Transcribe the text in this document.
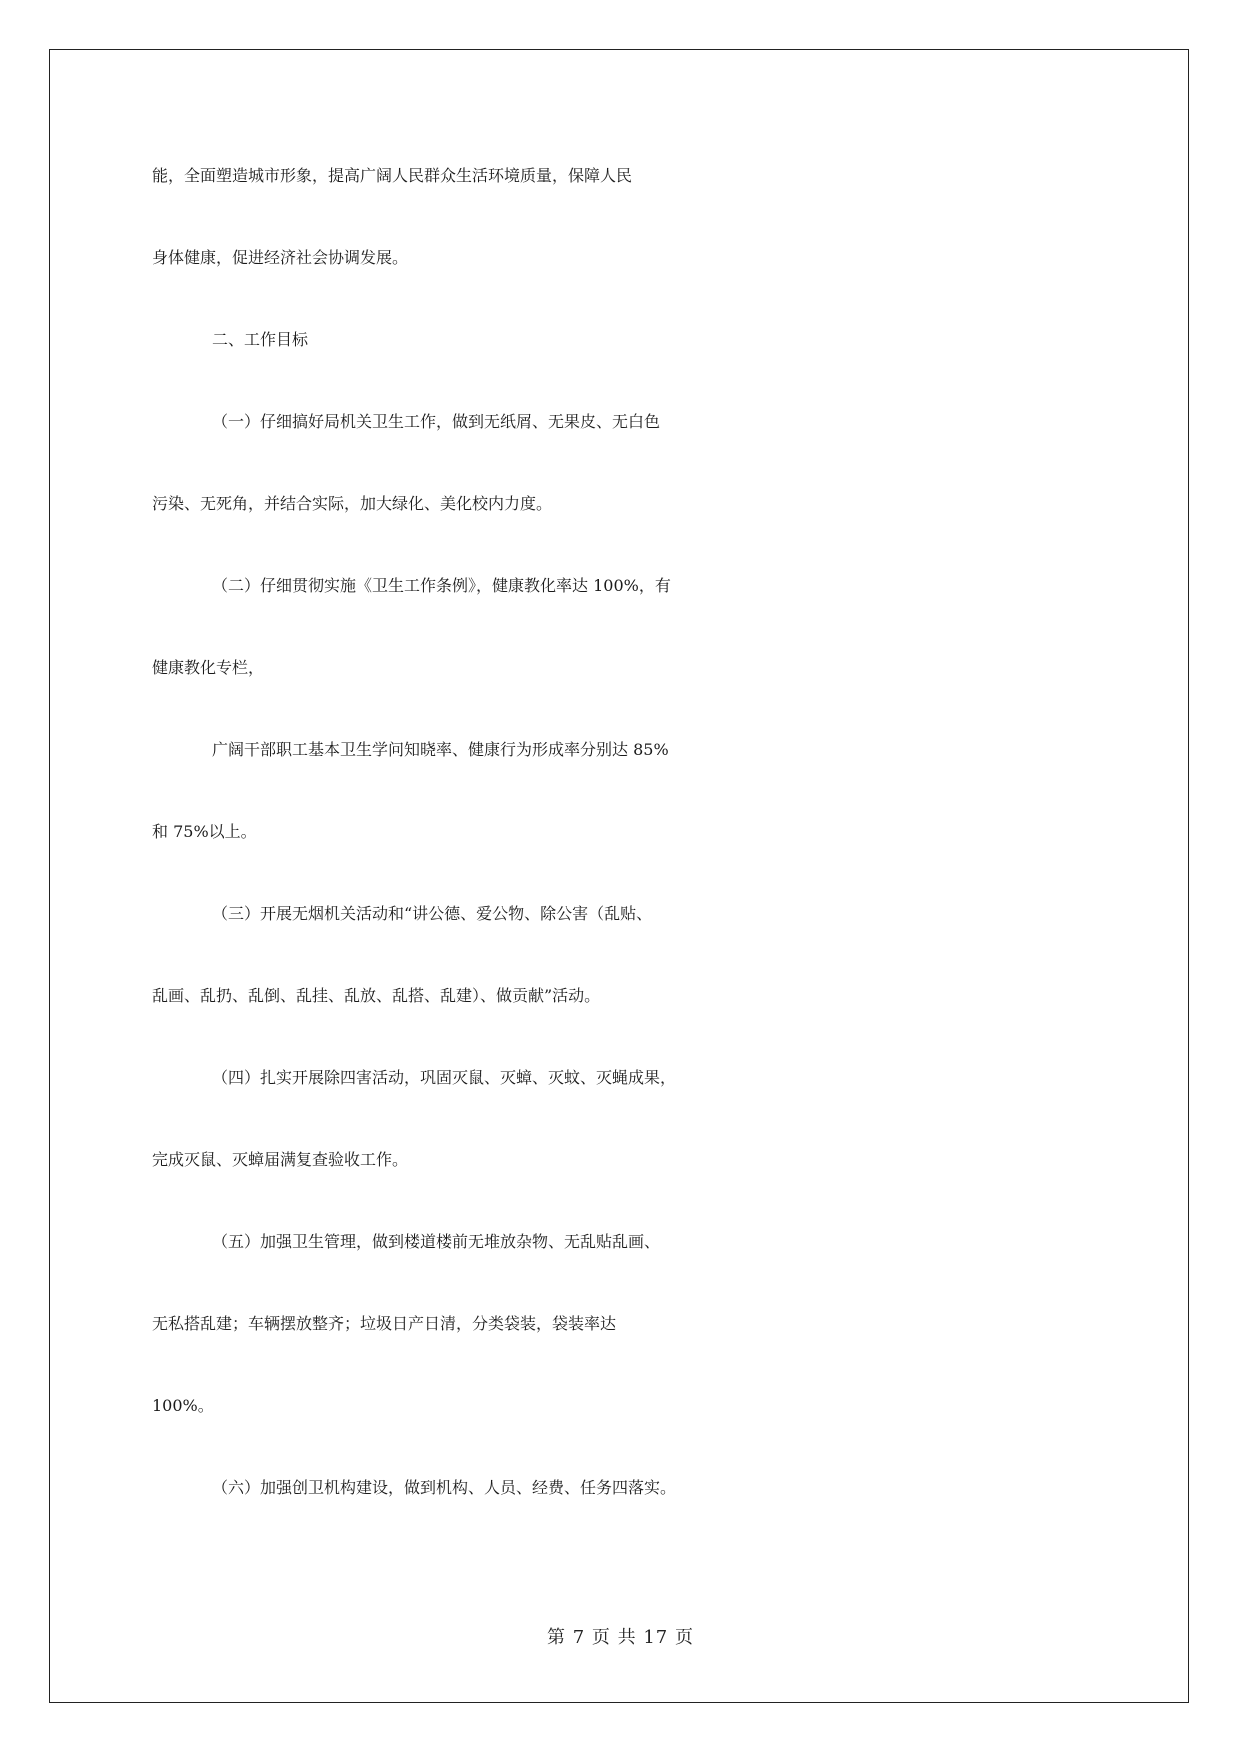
能，全面塑造城市形象，提高广阔人民群众生活环境质量，保障人民
身体健康，促进经济社会协调发展。
二、工作目标
（一）仔细搞好局机关卫生工作，做到无纸屑、无果皮、无白色
污染、无死角，并结合实际，加大绿化、美化校内力度。
（二）仔细贯彻实施《卫生工作条例》，健康教化率达 100%，有
健康教化专栏，
广阔干部职工基本卫生学问知晓率、健康行为形成率分别达 85%
和 75%以上。
（三）开展无烟机关活动和“讲公德、爱公物、除公害（乱贴、
乱画、乱扔、乱倒、乱挂、乱放、乱搭、乱建）、做贡献”活动。
（四）扎实开展除四害活动，巩固灭鼠、灭蟑、灭蚊、灭蝇成果，
完成灭鼠、灭蟑届满复查验收工作。
（五）加强卫生管理，做到楼道楼前无堆放杂物、无乱贴乱画、
无私搭乱建；车辆摆放整齐；垃圾日产日清，分类袋装，袋装率达
100%。
（六）加强创卫机构建设，做到机构、人员、经费、任务四落实。
第 7 页 共 17 页
